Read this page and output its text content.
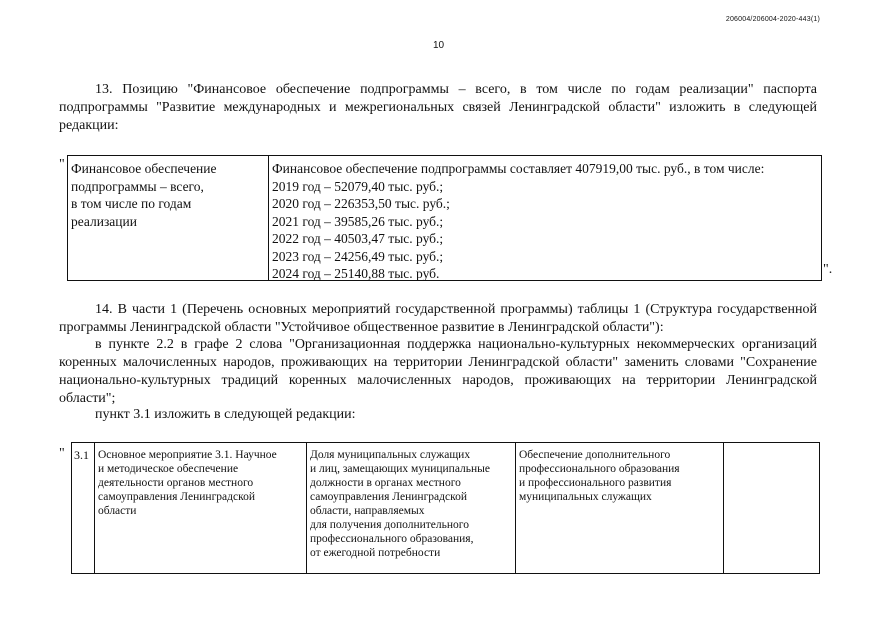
206004/206004-2020-443(1)
10
13. Позицию "Финансовое обеспечение подпрограммы – всего, в том числе по годам реализации" паспорта подпрограммы "Развитие международных и межрегиональных связей Ленинградской области" изложить в следующей редакции:
" Финансовое обеспечение
подпрограммы – всего,
в том числе по годам
реализации
Финансовое обеспечение подпрограммы составляет 407919,00 тыс. руб., в том числе:
2019 год – 52079,40 тыс. руб.;
2020 год – 226353,50 тыс. руб.;
2021 год – 39585,26 тыс. руб.;
2022 год – 40503,47 тыс. руб.;
2023 год – 24256,49 тыс. руб.;
2024 год – 25140,88 тыс. руб.	".
14. В части 1 (Перечень основных мероприятий государственной программы) таблицы 1 (Структура государственной программы Ленинградской области "Устойчивое общественное развитие в Ленинградской области"):
в пункте 2.2 в графе 2 слова "Организационная поддержка национально-культурных некоммерческих организаций коренных малочисленных народов, проживающих на территории Ленинградской области" заменить словами "Сохранение национально-культурных традиций коренных малочисленных народов, проживающих на территории Ленинградской области";
пункт 3.1 изложить в следующей редакции:
" 3.1 Основное мероприятие 3.1. Научное
и методическое обеспечение
деятельности органов местного
самоуправления Ленинградской
области
Доля муниципальных служащих
и лиц, замещающих муниципальные
должности в органах местного
самоуправления Ленинградской
области, направляемых
для получения дополнительного
профессионального образования,
от ежегодной потребности
Обеспечение дополнительного
профессионального образования
и профессионального развития
муниципальных служащих
